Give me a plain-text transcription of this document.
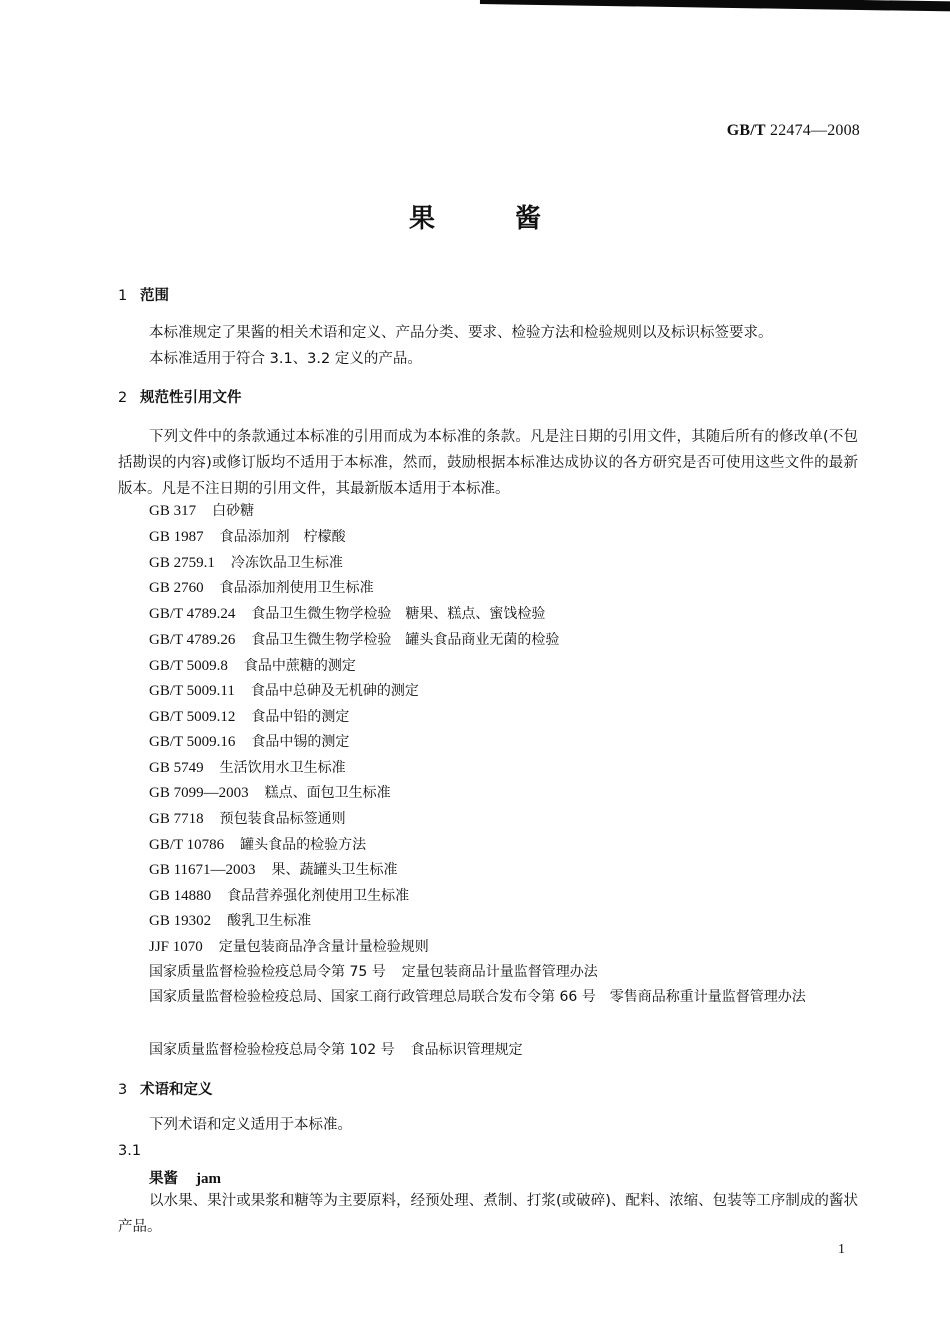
GB/T 22474—2008
果	酱
1 范围
本标准规定了果酱的相关术语和定义、产品分类、要求、检验方法和检验规则以及标识标签要求。
本标准适用于符合 3.1、3.2 定义的产品。
2 规范性引用文件
下列文件中的条款通过本标准的引用而成为本标准的条款。凡是注日期的引用文件，其随后所有的修改单(不包括勘误的内容)或修订版均不适用于本标准，然而，鼓励根据本标准达成协议的各方研究是否可使用这些文件的最新版本。凡是不注日期的引用文件，其最新版本适用于本标准。
GB 317 白砂糖
GB 1987 食品添加剂　柠檬酸
GB 2759.1 冷冻饮品卫生标准
GB 2760 食品添加剂使用卫生标准
GB/T 4789.24 食品卫生微生物学检验　糖果、糕点、蜜饯检验
GB/T 4789.26 食品卫生微生物学检验　罐头食品商业无菌的检验
GB/T 5009.8 食品中蔗糖的测定
GB/T 5009.11 食品中总砷及无机砷的测定
GB/T 5009.12 食品中铅的测定
GB/T 5009.16 食品中锡的测定
GB 5749 生活饮用水卫生标准
GB 7099—2003 糕点、面包卫生标准
GB 7718 预包装食品标签通则
GB/T 10786 罐头食品的检验方法
GB 11671—2003 果、蔬罐头卫生标准
GB 14880 食品营养强化剂使用卫生标准
GB 19302 酸乳卫生标准
JJF 1070 定量包装商品净含量计量检验规则
国家质量监督检验检疫总局令第 75 号 定量包装商品计量监督管理办法
国家质量监督检验检疫总局、国家工商行政管理总局联合发布令第 66 号 零售商品称重计量监督管理办法
国家质量监督检验检疫总局令第 102 号 食品标识管理规定
3 术语和定义
下列术语和定义适用于本标准。
3.1
果酱 jam
以水果、果汁或果浆和糖等为主要原料，经预处理、煮制、打浆(或破碎)、配料、浓缩、包装等工序制成的酱状产品。
1
